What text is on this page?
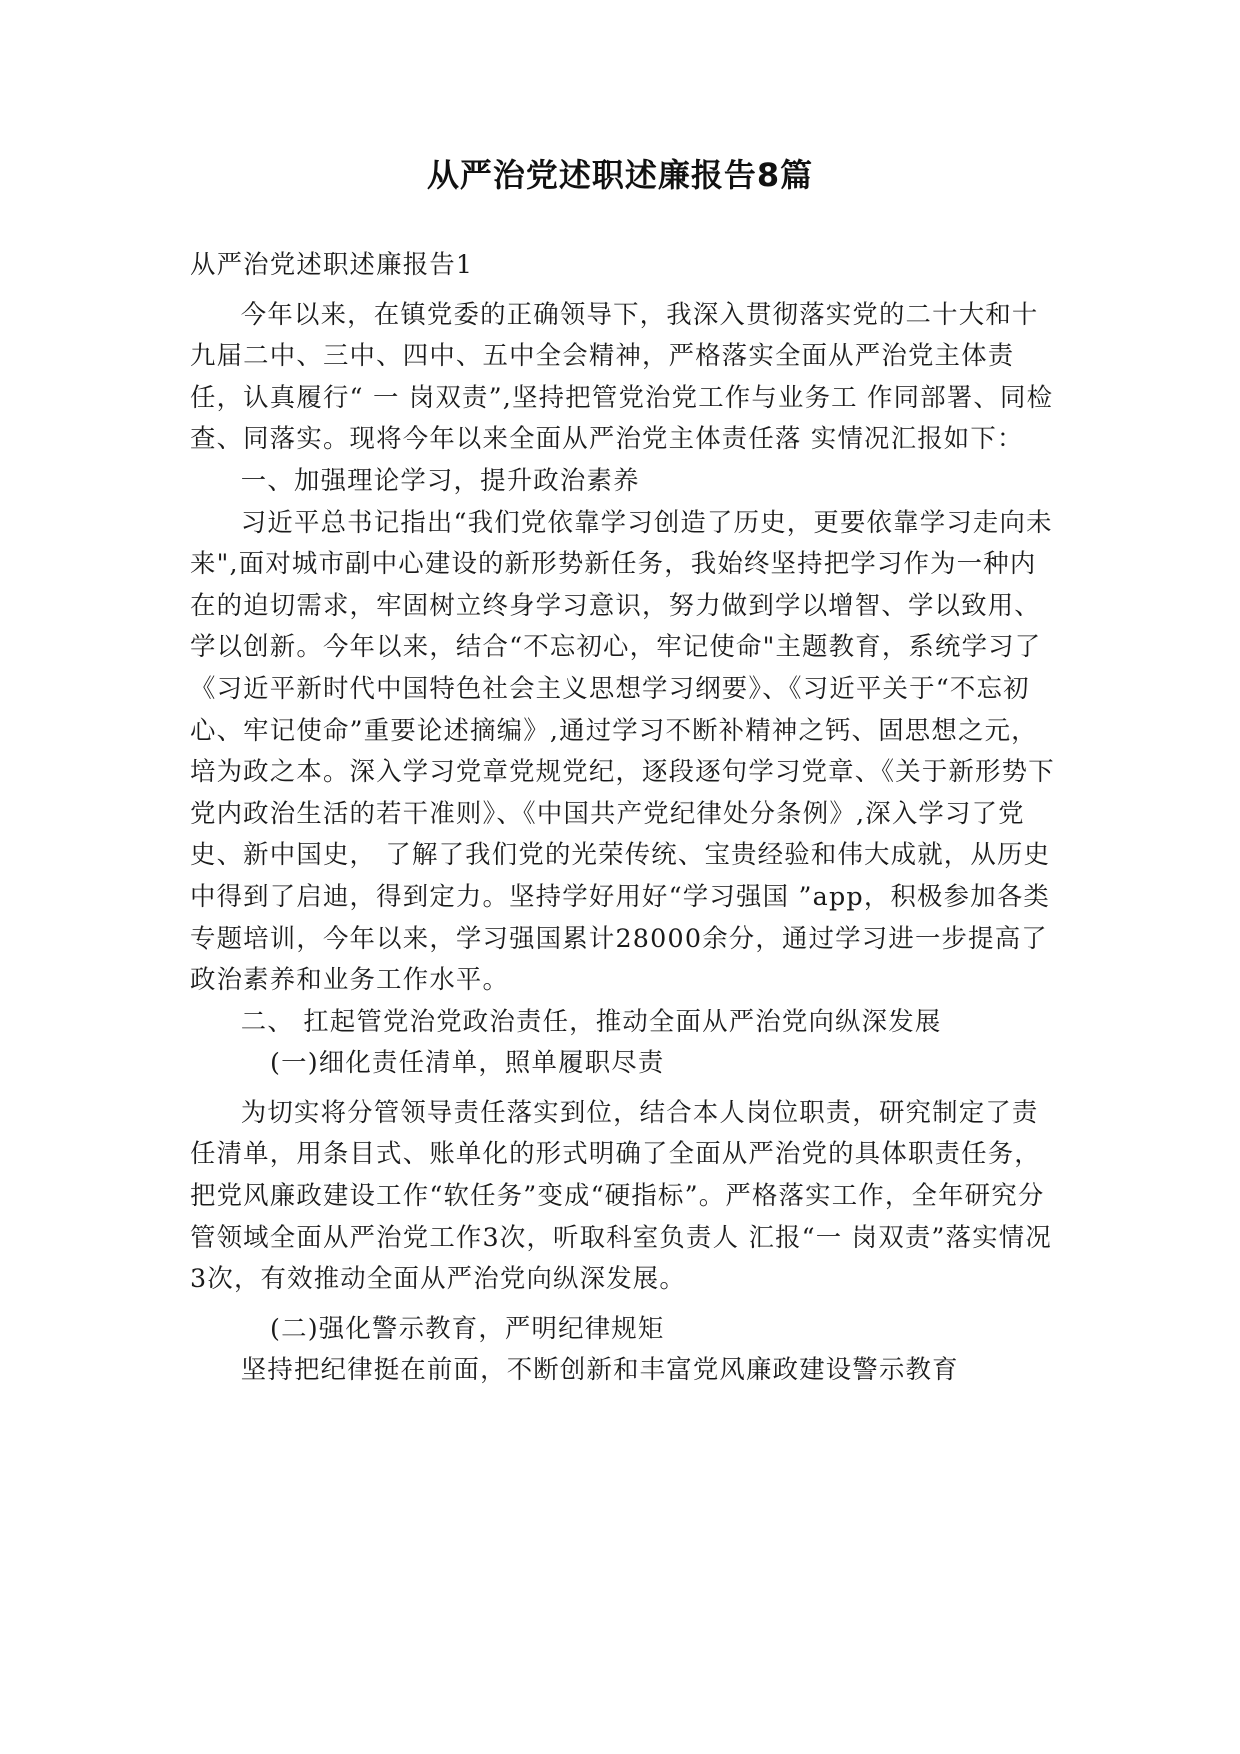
从严治党述职述廉报告8篇

从严治党述职述廉报告1

今年以来，在镇党委的正确领导下，我深入贯彻落实党的二十大和十九届二中、三中、四中、五中全会精神，严格落实全面从严治党主体责任，认真履行“ 一 岗双责”,坚持把管党治党工作与业务工 作同部署、同检查、同落实。现将今年以来全面从严治党主体责任落 实情况汇报如下：

一、加强理论学习，提升政治素养

习近平总书记指出“我们党依靠学习创造了历史，更要依靠学习走向未来",面对城市副中心建设的新形势新任务，我始终坚持把学习作为一种内在的迫切需求，牢固树立终身学习意识，努力做到学以增智、学以致用、学以创新。今年以来，结合“不忘初心，牢记使命"主题教育，系统学习了《习近平新时代中国特色社会主义思想学习纲要》、《习近平关于“不忘初心、牢记使命”重要论述摘编》,通过学习不断补精神之钙、固思想之元，培为政之本。深入学习党章党规党纪，逐段逐句学习党章、《关于新形势下党内政治生活的若干准则》、《中国共产党纪律处分条例》,深入学习了党史、新中国史， 了解了我们党的光荣传统、宝贵经验和伟大成就，从历史中得到了启迪，得到定力。坚持学好用好“学习强国 ”app，积极参加各类专题培训，今年以来，学习强国累计28000余分，通过学习进一步提高了政治素养和业务工作水平。

二、 扛起管党治党政治责任，推动全面从严治党向纵深发展

(一)细化责任清单，照单履职尽责

为切实将分管领导责任落实到位，结合本人岗位职责，研究制定了责任清单，用条目式、账单化的形式明确了全面从严治党的具体职责任务，把党风廉政建设工作“软任务”变成“硬指标”。严格落实工作，全年研究分管领域全面从严治党工作3次，听取科室负责人 汇报“一 岗双责”落实情况3次，有效推动全面从严治党向纵深发展。

(二)强化警示教育，严明纪律规矩

坚持把纪律挺在前面，不断创新和丰富党风廉政建设警示教育
